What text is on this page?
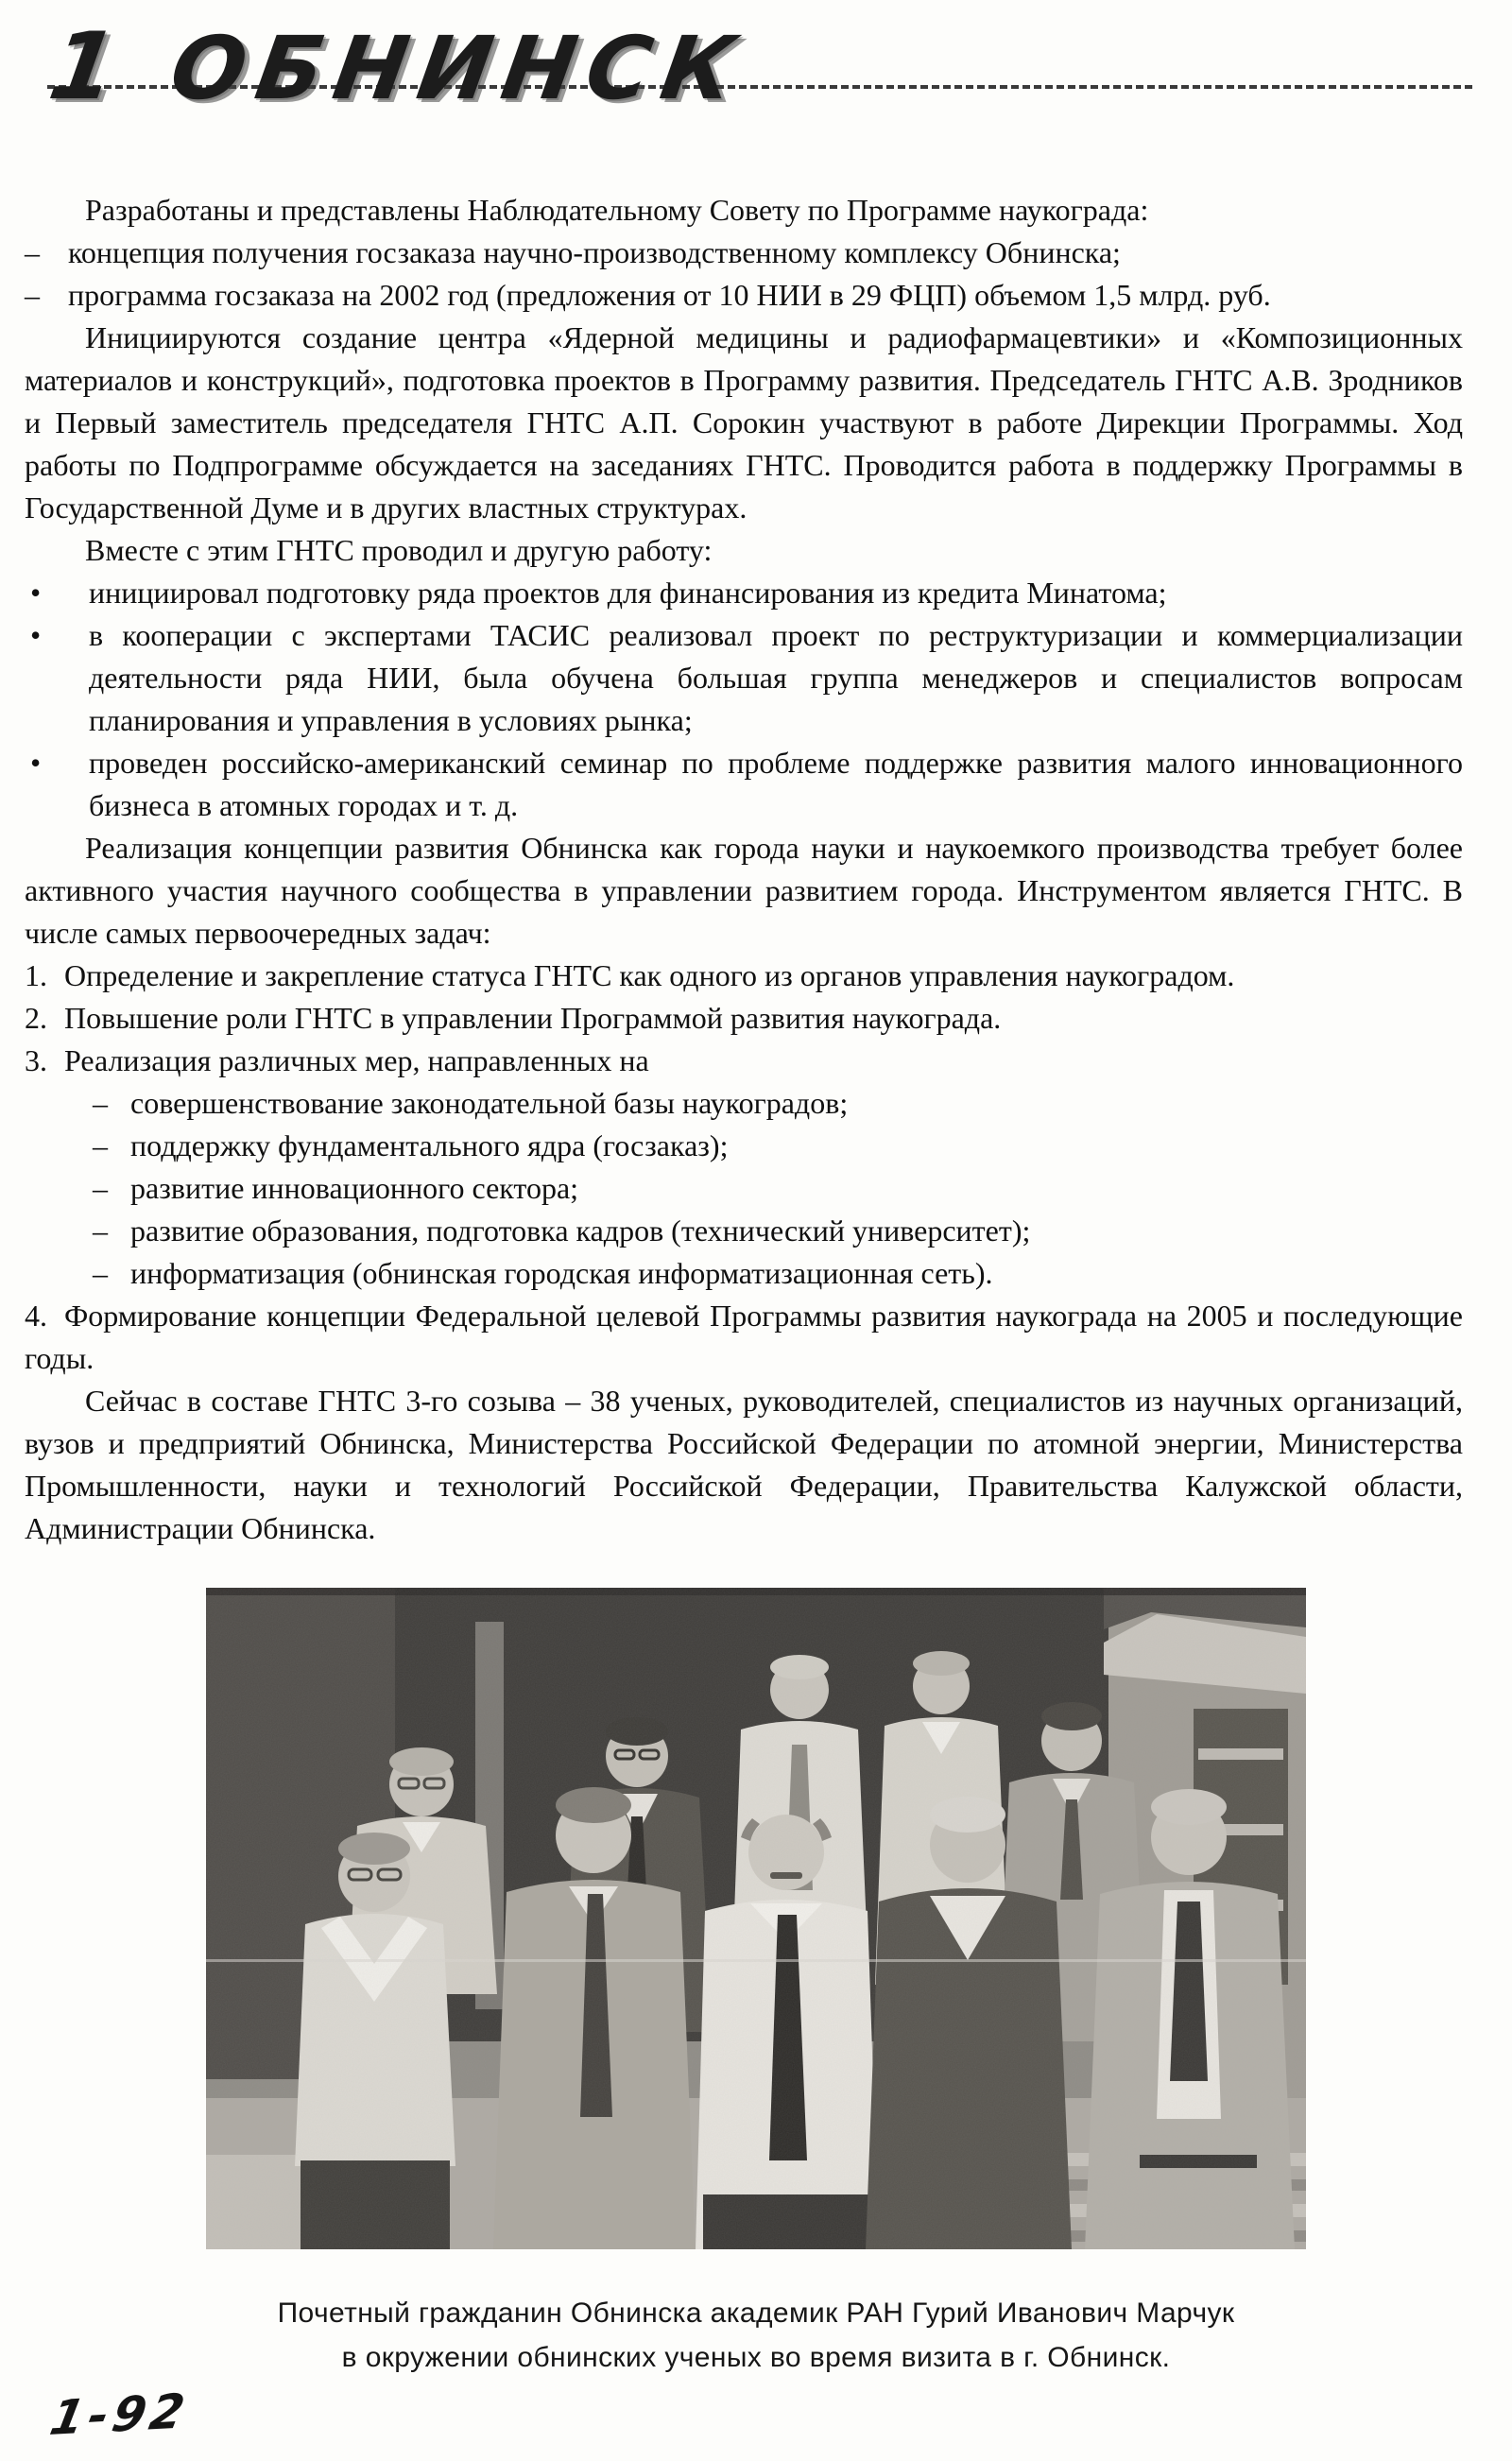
1 ОБНИНСК
Разработаны и представлены Наблюдательному Совету по Программе наукограда:
– концепция получения госзаказа научно-производственному комплексу Обнинска;
– программа госзаказа на 2002 год (предложения от 10 НИИ в 29 ФЦП) объемом 1,5 млрд. руб.
Инициируются создание центра «Ядерной медицины и радиофармацевтики» и «Композиционных материалов и конструкций», подготовка проектов в Программу развития. Председатель ГНТС А.В. Зродников и Первый заместитель председателя ГНТС А.П. Сорокин участвуют в работе Дирекции Программы. Ход работы по Подпрограмме обсуждается на заседаниях ГНТС. Проводится работа в поддержку Программы в Государственной Думе и в других властных структурах.
Вместе с этим ГНТС проводил и другую работу:
•	инициировал подготовку ряда проектов для финансирования из кредита Минатома;
•	в кооперации с экспертами ТАСИС реализовал проект по реструктуризации и коммерциализации деятельности ряда НИИ, была обучена большая группа менеджеров и специалистов вопросам планирования и управления в условиях рынка;
•	проведен российско-американский семинар по проблеме поддержке развития малого инновационного бизнеса в атомных городах и т. д.
Реализация концепции развития Обнинска как города науки и наукоемкого производства требует более активного участия научного сообщества в управлении развитием города. Инструментом является ГНТС. В числе самых первоочередных задач:
1. Определение и закрепление статуса ГНТС как одного из органов управления наукоградом.
2. Повышение роли ГНТС в управлении Программой развития наукограда.
3. Реализация различных мер, направленных на
– совершенствование законодательной базы наукоградов;
– поддержку фундаментального ядра (госзаказ);
– развитие инновационного сектора;
– развитие образования, подготовка кадров (технический университет);
– информатизация (обнинская городская информатизационная сеть).
4. Формирование концепции Федеральной целевой Программы развития наукограда на 2005 и последующие годы.
Сейчас в составе ГНТС 3-го созыва – 38 ученых, руководителей, специалистов из научных организаций, вузов и предприятий Обнинска, Министерства Российской Федерации по атомной энергии, Министерства Промышленности, науки и технологий Российской Федерации, Правительства Калужской области, Администрации Обнинска.
Почетный гражданин Обнинска академик РАН Гурий Иванович Марчук
в окружении обнинских ученых во время визита в г. Обнинск.
1-92
